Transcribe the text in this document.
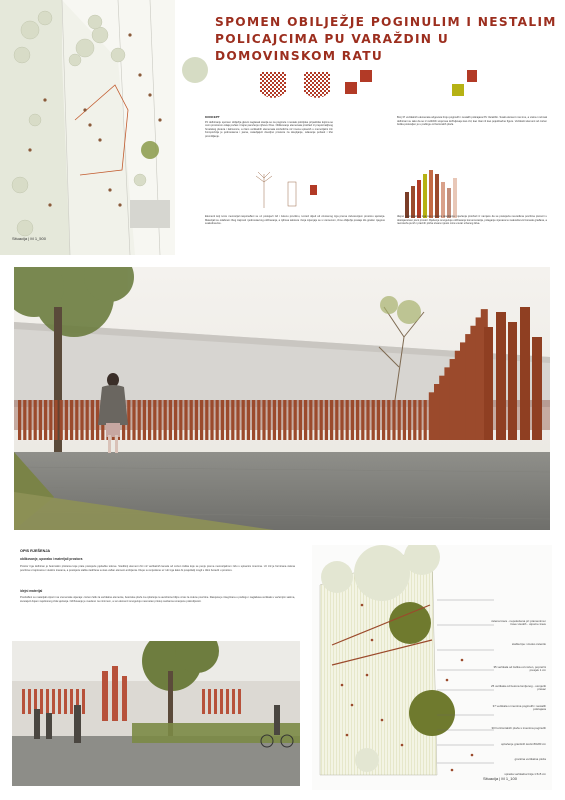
Situacija | M 1_500
SPOMEN OBILJEŽJE POGINULIM I NESTALIM
POLICAJCIMA PU VARAŽDIN U DOMOVINSKOM RATU
KONCEPT

Pri definiranju spomen obilježja glavni naglasak stavlja se na poginule i nestale policijske pripadnike kojima se ovim prostorom odaje počast i trajno pamćenje njihove žrtve. Oblikovanje elemenata proizlazi iz prepoznatljivog hrvatskog pleterа i šahovnice, a ritam vertikalnih elemenata simbolizira niz imena upisanih u memorijalni zid. Kompozicija je jednostavna i jasna, ostavljajući dovoljno prostora za okupljanje, odavanje počasti i tiho promišljanje.

Broj 37 vertikalnih elemenata odgovara broju poginulih i nestalih policajaca PU Varaždin. Svaki element nosi ime, a visina i razmak definirani su tako da se iz različitih smjerova doživljavaju kao zid, kao ritam ili kao pojedinačne figure. Vertikalni element od corten čelika postavljen je u podlogu od betonskih ploča.

Elementi koji tvore memorijal raspoređeni su uz postojeći zid i zelenu površinu, tvoreći slijed od otvorenog trga prema zatvorenijem prostoru sjećanja. Materijali su odabrani zbog trajnosti i jednostavnog održavanja, a njihova tekstura i boja mijenjaju se s vremenom, čime obilježje postaje dio grada i njegove svakodnevice.

Idejno memorijalnog trga kao prostora okupljanja i sjećanja proizlazi iz namjere da se postojeća neuređena površina pretvori u dostojanstven javni prostor. Rješenje omogućuje održavanje komemoracija, polaganje vijenaca te svakodnevni boravak građana, a ravnoteža punih i praznih ploha stvara mjesto mira unutar urbanog tkiva.

OPIS RJEŠENJA
oblikovanje, uporaba i materijali prostora
Prostor trga definiran je betonskim pločama koje prate postojeće pješačke tokove. Središnji element čini niz vertikalnih lamela od corten čelika koje se penju prema memorijalnom zidu s upisanim imenima. Uz zid je formirana zelena površina s trajnicama i visokim travama, a postojeća stabla zadržana su kao važan element ambijenta. Klupe su smještene uz rub trga kako bi posjetitelji mogli u tišini boraviti u prostoru.
idejni materijal
Predviđeni su materijali otporni na vremenske utjecaje: corten čelik za vertikalne elemente, betonske ploče za opločenje te autohtone biljne vrste za zelene površine. Rasvjeta je integrirana u podlogu i naglašava vertikale u večernjim satima, stvarajući dojam svjetlosnog zida sjećanja. Održavanje je svedeno na minimum, a svi elementi omogućuju nesmetan pristup osobama smanjene pokretljivosti.
zelena trava - nepokošena pri pramenima i trave visokih - otporne trave
stabla lipe i visoko zelenilo
35 vertikala od čelika od corten, poprečni presjek 1 cm
25 vertikala od betona lomljenog - usmjeriti pravac
37 vertikala s imenima poginulih i nestalih policajaca
30 horizontalnih ploča s imenima poginulih
opločenje granitnih kocki 80x80 cm
granitna vertikalna ploča
sprasla vertikalna linija 1.5x5 cm
Situacija | M 1_100
